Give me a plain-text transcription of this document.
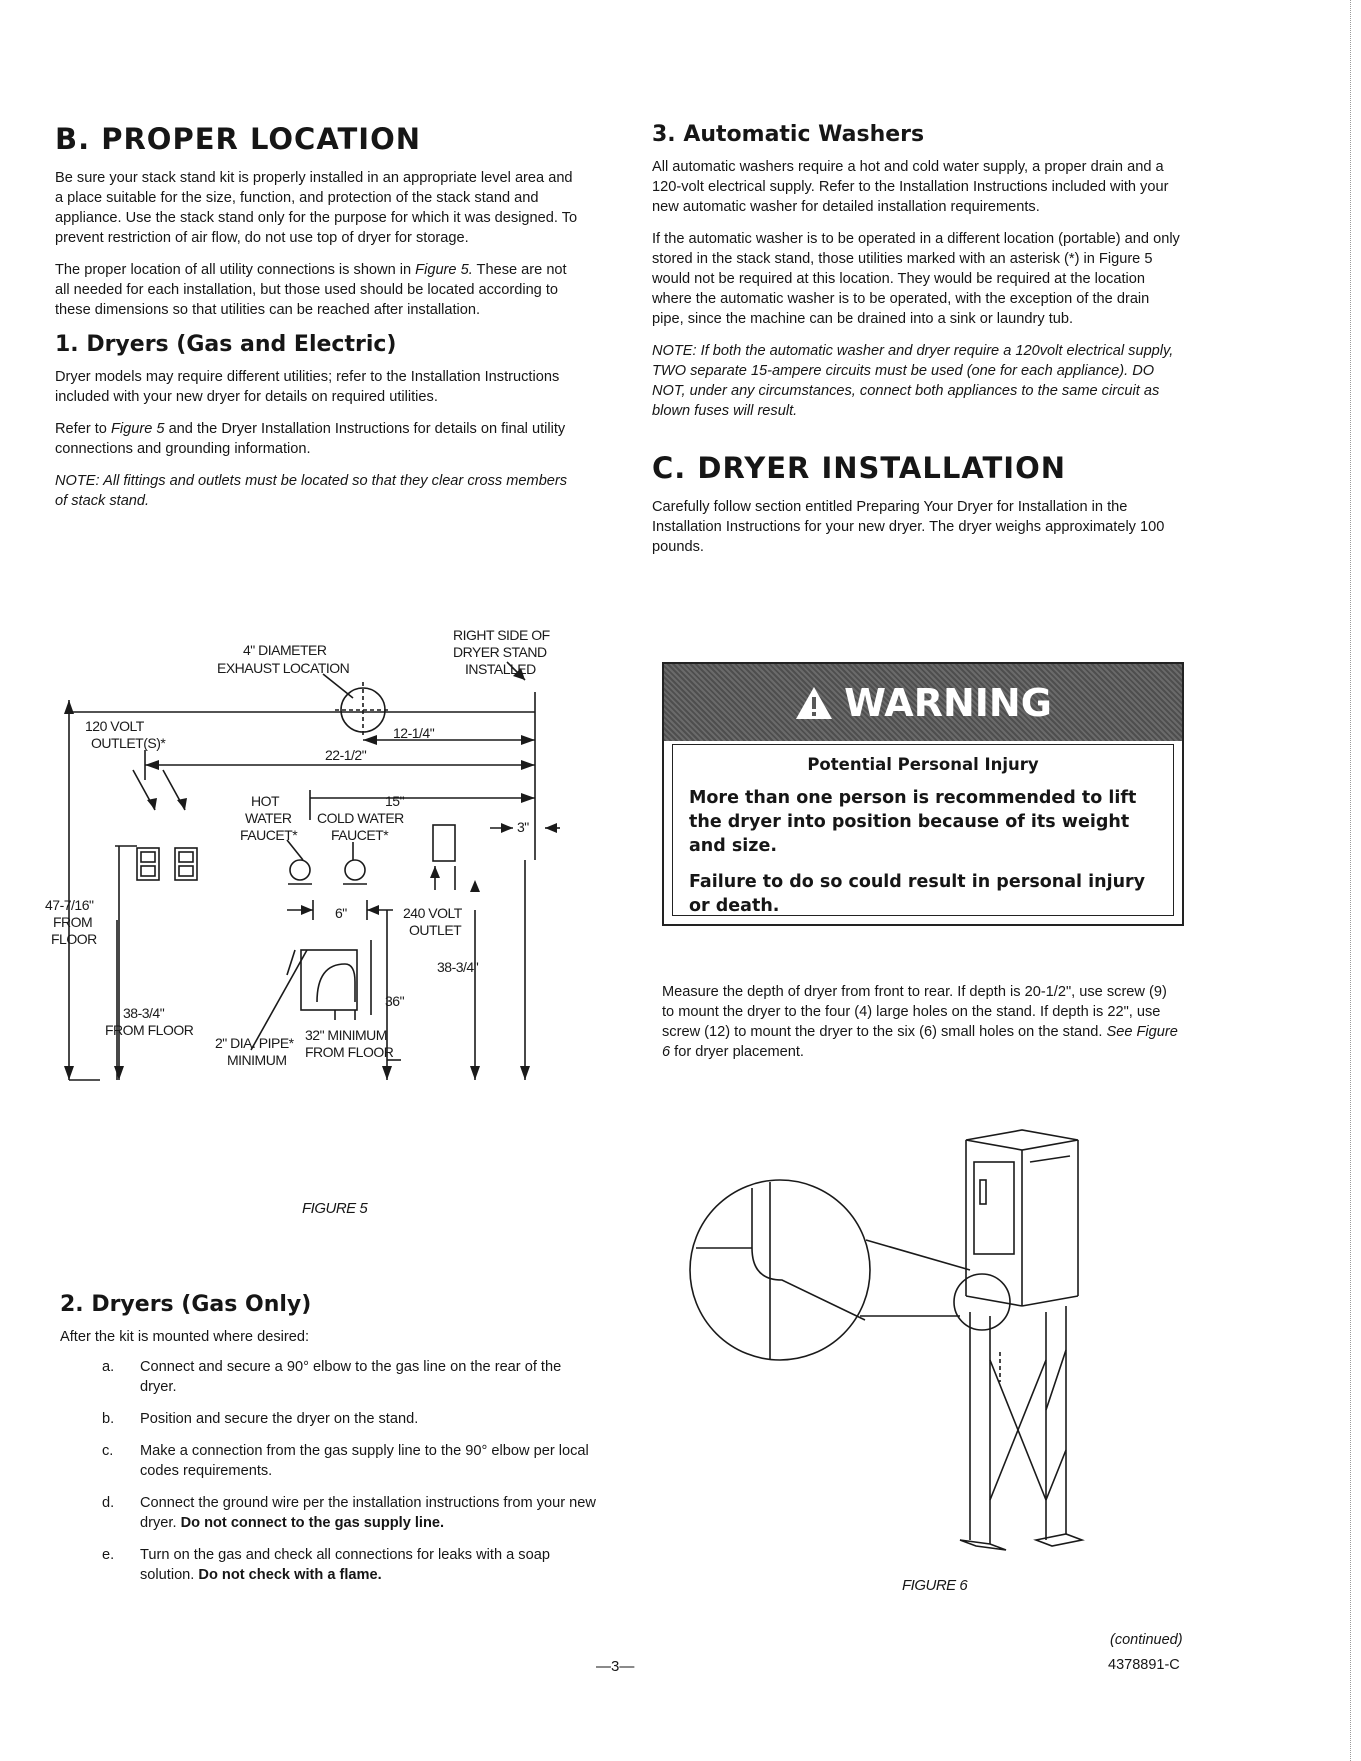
B. PROPER LOCATION

Be sure your stack stand kit is properly installed in an appropriate level area and a place suitable for the size, function, and protection of the stack stand and appliance. Use the stack stand only for the purpose for which it was designed. To prevent restriction of air flow, do not use top of dryer for storage.

The proper location of all utility connections is shown in Figure 5. These are not all needed for each installation, but those used should be located according to these dimensions so that utilities can be reached after installation.

1. Dryers (Gas and Electric)

Dryer models may require different utilities; refer to the Installation Instructions included with your new dryer for details on required utilities.

Refer to Figure 5 and the Dryer Installation Instructions for details on final utility connections and grounding information.

NOTE: All fittings and outlets must be located so that they clear cross members of stack stand.

4" DIAMETER
EXHAUST LOCATION
RIGHT SIDE OF
DRYER STAND
INSTALLED
120 VOLT
OUTLET(S)*
12-1/4"
22-1/2"
HOT
WATER
FAUCET*
15"
COLD WATER
FAUCET*	3"
47-7/16"
FROM
FLOOR
6"	240 VOLT
OUTLET
38-3/4"
36"
38-3/4"
FROM FLOOR
2" DIA. PIPE*
MINIMUM
32" MINIMUM
FROM FLOOR
FIGURE 5
2. Dryers (Gas Only)

After the kit is mounted where desired:

a. Connect and secure a 90° elbow to the gas line on the rear of the dryer.
b. Position and secure the dryer on the stand.
c. Make a connection from the gas supply line to the 90° elbow per local codes requirements.
d. Connect the ground wire per the installation instructions from your new dryer. Do not connect to the gas supply line.
e. Turn on the gas and check all connections for leaks with a soap solution. Do not check with a flame.
3. Automatic Washers

All automatic washers require a hot and cold water supply, a proper drain and a 120-volt electrical supply. Refer to the Installation Instructions included with your new automatic washer for detailed installation requirements.

If the automatic washer is to be operated in a different location (portable) and only stored in the stack stand, those utilities marked with an asterisk (*) in Figure 5 would not be required at this location. They would be required at the location where the automatic washer is to be operated, with the exception of the drain pipe, since the machine can be drained into a sink or laundry tub.

NOTE: If both the automatic washer and dryer require a 120volt electrical supply, TWO separate 15-ampere circuits must be used (one for each appliance). DO NOT, under any circumstances, connect both appliances to the same circuit as blown fuses will result.

C. DRYER INSTALLATION

Carefully follow section entitled Preparing Your Dryer for Installation in the Installation Instructions for your new dryer. The dryer weighs approximately 100 pounds.

WARNING
Potential Personal Injury
More than one person is recommended to lift the dryer into position because of its weight and size.
Failure to do so could result in personal injury or death.
Measure the depth of dryer from front to rear. If depth is 20-1/2", use screw (9) to mount the dryer to the four (4) large holes on the stand. If depth is 22", use screw (12) to mount the dryer to the six (6) small holes on the stand. See Figure 6 for dryer placement.
FIGURE 6
—3—
(continued)
4378891-C
